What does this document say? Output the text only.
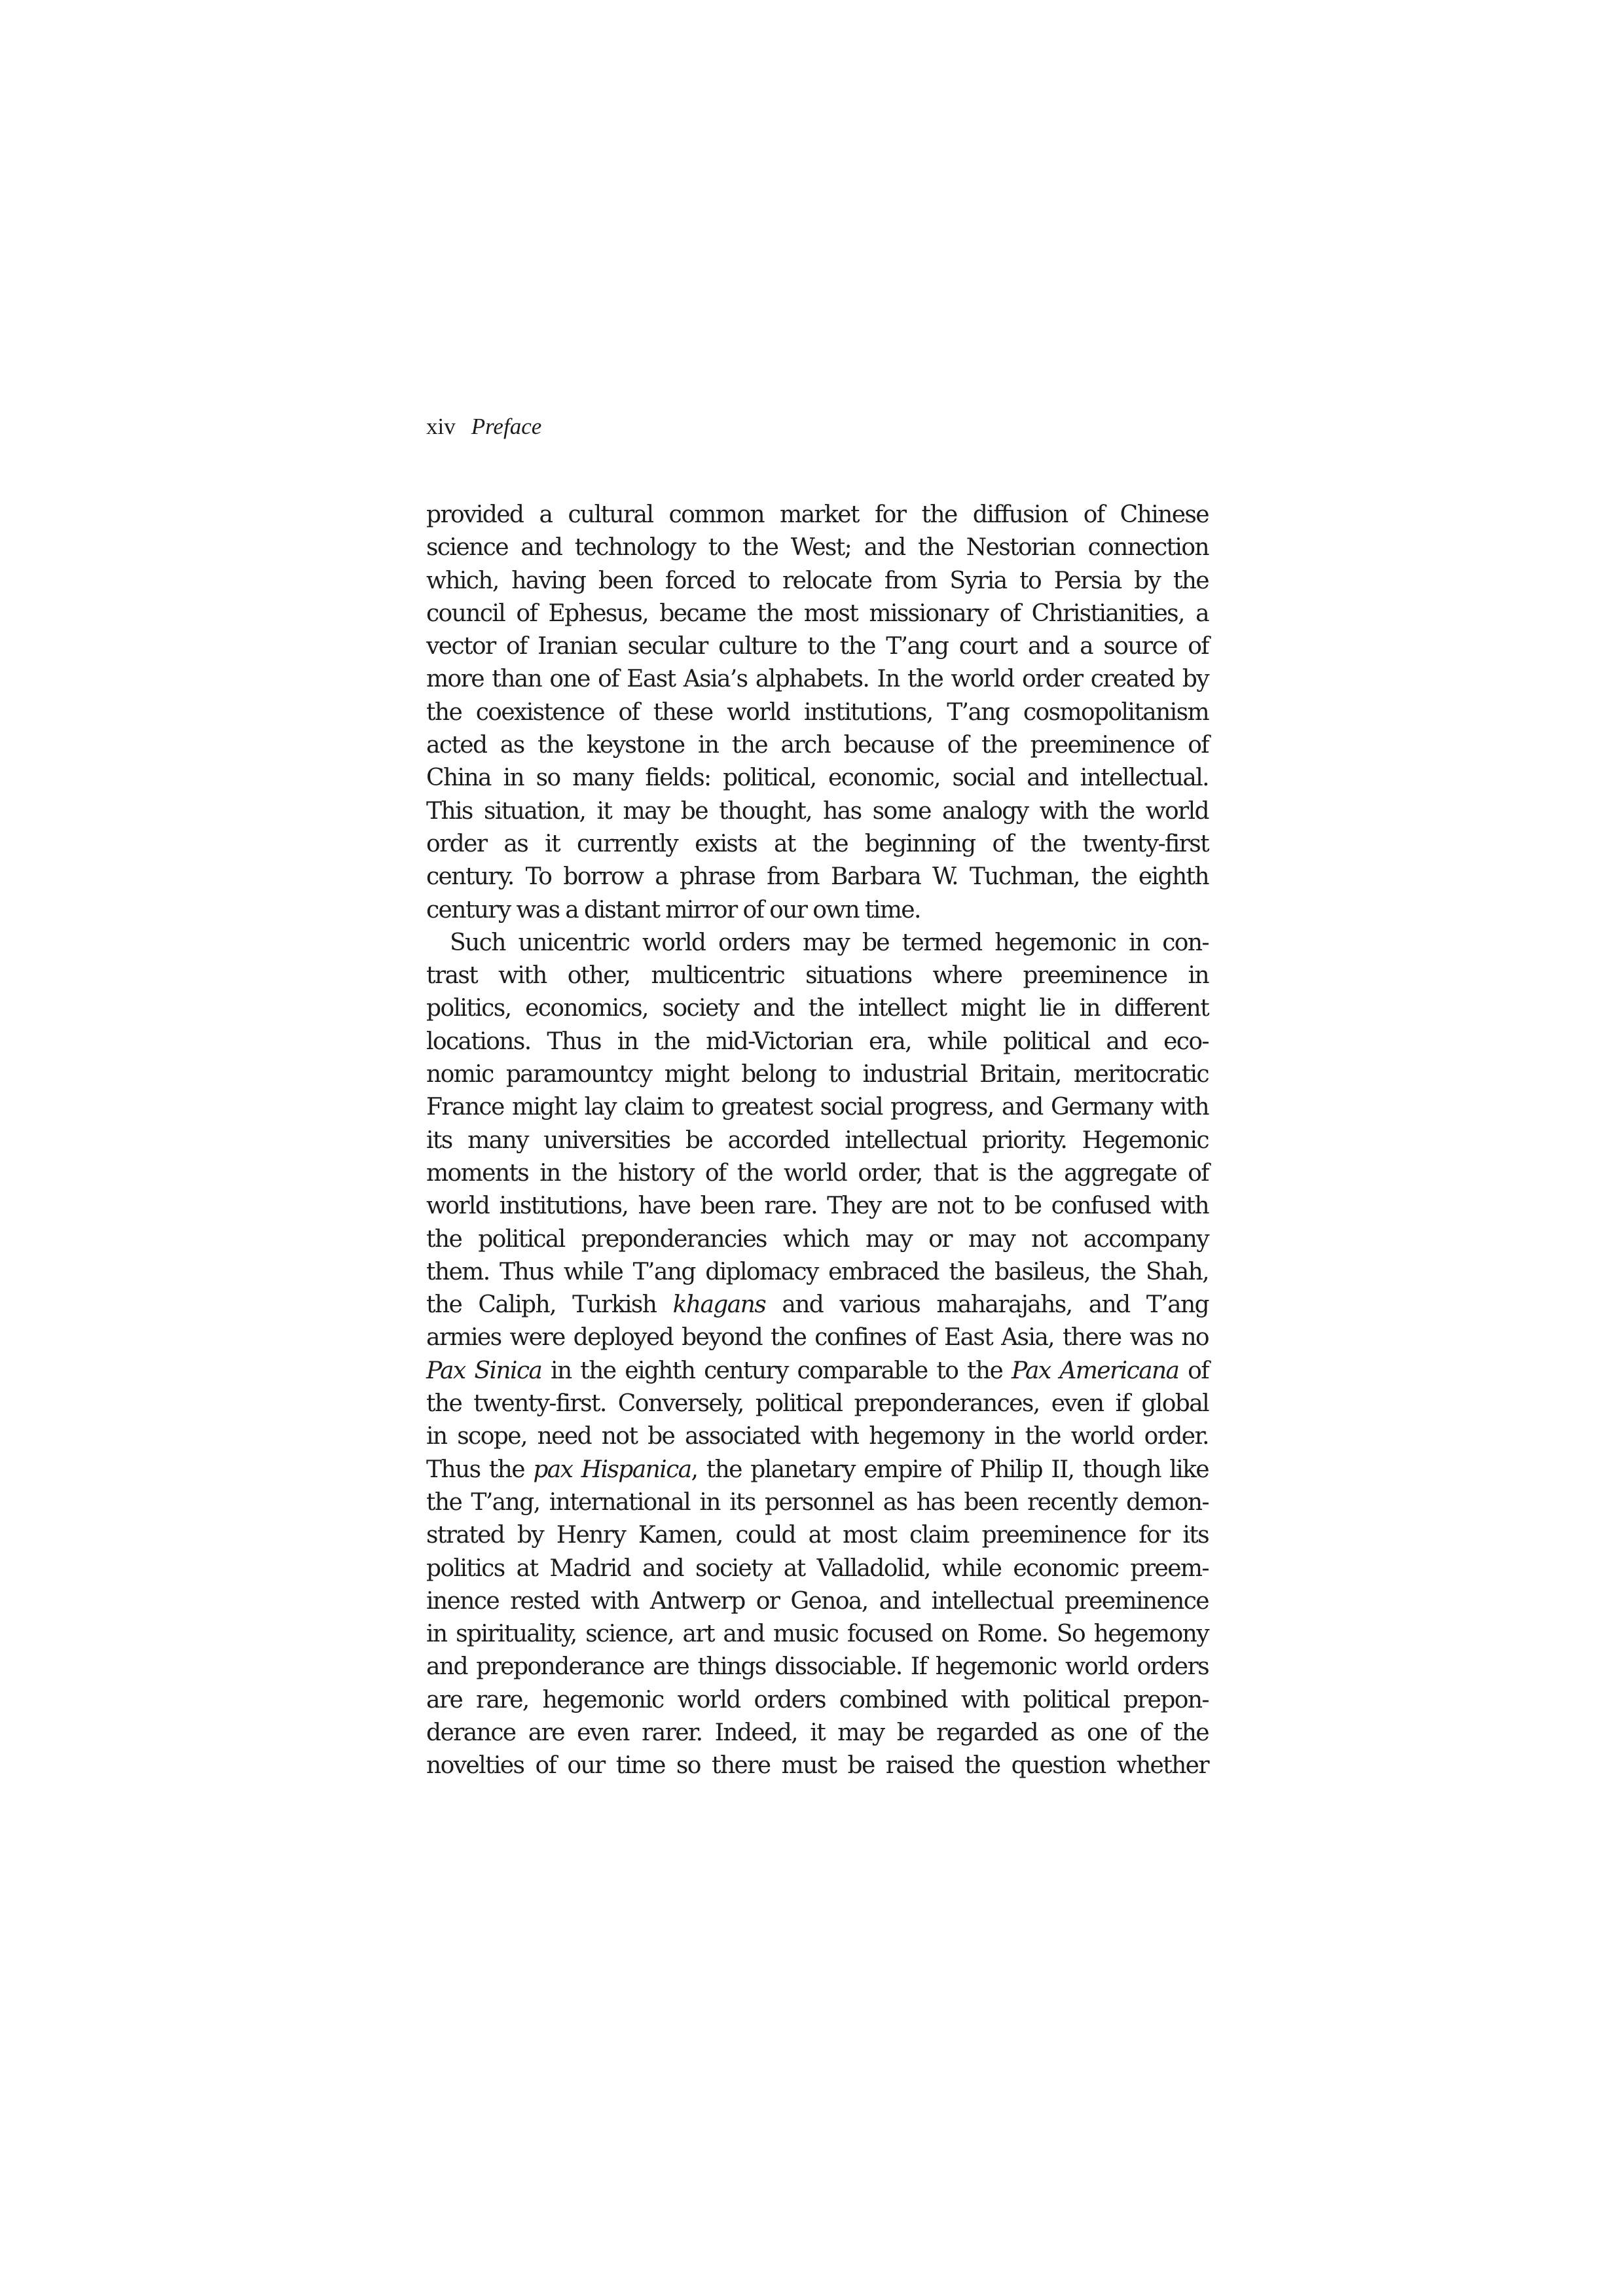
xiv Preface
provided a cultural common market for the diffusion of Chinese
science and technology to the West; and the Nestorian connection
which, having been forced to relocate from Syria to Persia by the
council of Ephesus, became the most missionary of Christianities, a
vector of Iranian secular culture to the T’ang court and a source of
more than one of East Asia’s alphabets. In the world order created by
the coexistence of these world institutions, T’ang cosmopolitanism
acted as the keystone in the arch because of the preeminence of
China in so many fields: political, economic, social and intellectual.
This situation, it may be thought, has some analogy with the world
order as it currently exists at the beginning of the twenty-first
century. To borrow a phrase from Barbara W. Tuchman, the eighth
century was a distant mirror of our own time.
Such unicentric world orders may be termed hegemonic in con-
trast with other, multicentric situations where preeminence in
politics, economics, society and the intellect might lie in different
locations. Thus in the mid-Victorian era, while political and eco-
nomic paramountcy might belong to industrial Britain, meritocratic
France might lay claim to greatest social progress, and Germany with
its many universities be accorded intellectual priority. Hegemonic
moments in the history of the world order, that is the aggregate of
world institutions, have been rare. They are not to be confused with
the political preponderancies which may or may not accompany
them. Thus while T’ang diplomacy embraced the basileus, the Shah,
the Caliph, Turkish khagans and various maharajahs, and T’ang
armies were deployed beyond the confines of East Asia, there was no
Pax Sinica in the eighth century comparable to the Pax Americana of
the twenty-first. Conversely, political preponderances, even if global
in scope, need not be associated with hegemony in the world order.
Thus the pax Hispanica, the planetary empire of Philip II, though like
the T’ang, international in its personnel as has been recently demon-
strated by Henry Kamen, could at most claim preeminence for its
politics at Madrid and society at Valladolid, while economic preem-
inence rested with Antwerp or Genoa, and intellectual preeminence
in spirituality, science, art and music focused on Rome. So hegemony
and preponderance are things dissociable. If hegemonic world orders
are rare, hegemonic world orders combined with political prepon-
derance are even rarer. Indeed, it may be regarded as one of the
novelties of our time so there must be raised the question whether
